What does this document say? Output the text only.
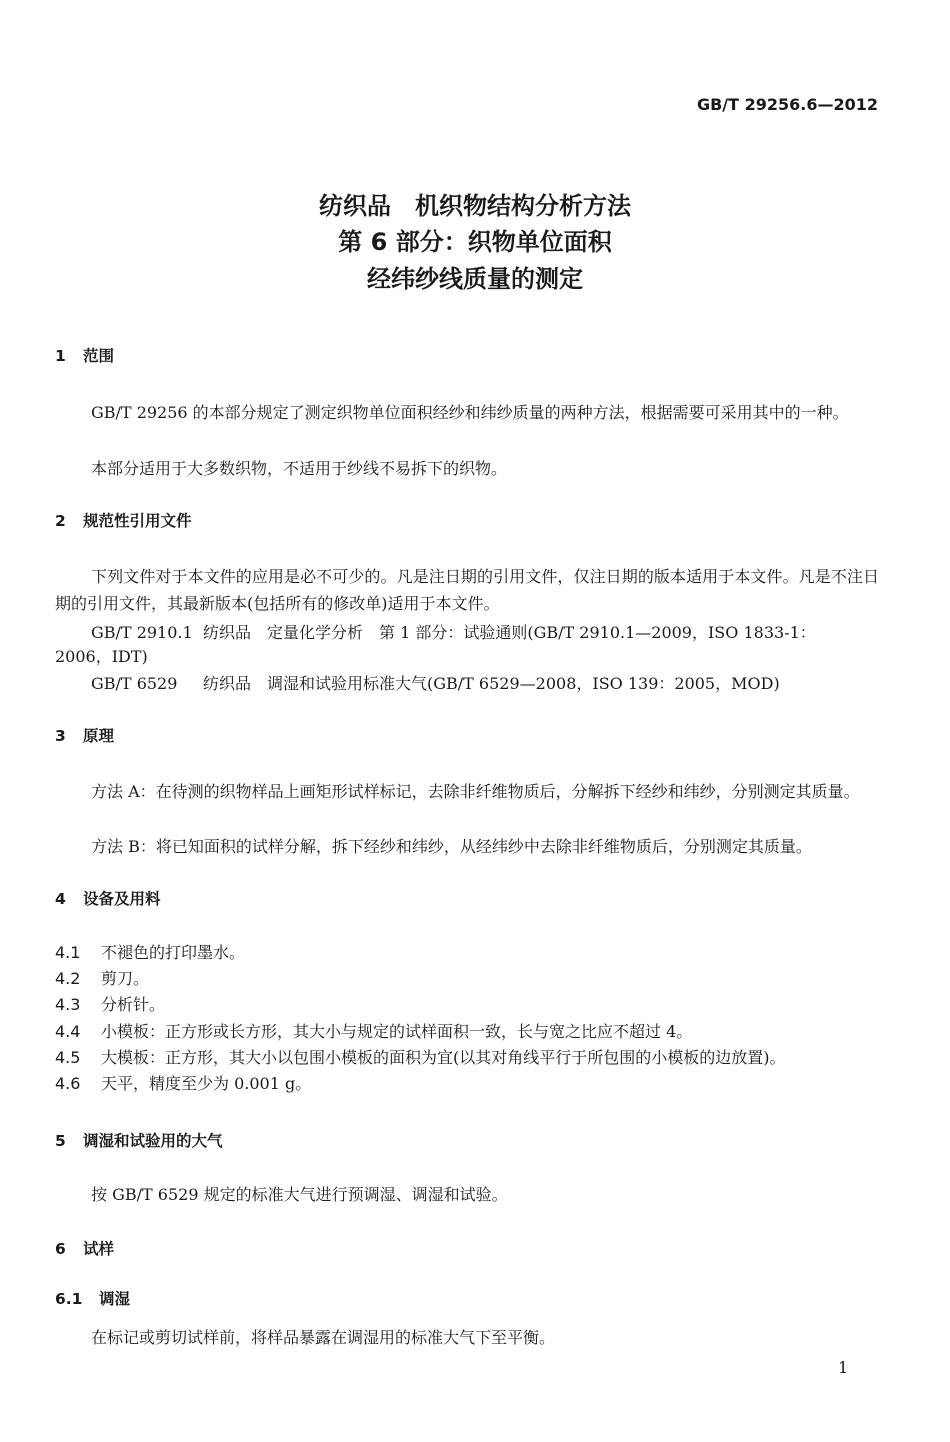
GB/T 29256.6—2012
纺织品　机织物结构分析方法
第 6 部分：织物单位面积
经纬纱线质量的测定
1 范围
GB/T 29256 的本部分规定了测定织物单位面积经纱和纬纱质量的两种方法，根据需要可采用其中的一种。
本部分适用于大多数织物，不适用于纱线不易拆下的织物。
2 规范性引用文件
下列文件对于本文件的应用是必不可少的。凡是注日期的引用文件，仅注日期的版本适用于本文件。凡是不注日期的引用文件，其最新版本(包括所有的修改单)适用于本文件。
GB/T 2910.1 纺织品　定量化学分析　第 1 部分：试验通则(GB/T 2910.1—2009，ISO 1833-1：
2006，IDT)
GB/T 6529 纺织品　调湿和试验用标准大气(GB/T 6529—2008，ISO 139：2005，MOD)
3 原理
方法 A：在待测的织物样品上画矩形试样标记，去除非纤维物质后，分解拆下经纱和纬纱，分别测定其质量。
方法 B：将已知面积的试样分解，拆下经纱和纬纱，从经纬纱中去除非纤维物质后，分别测定其质量。
4 设备及用料
4.1 不褪色的打印墨水。
4.2 剪刀。
4.3 分析针。
4.4 小模板：正方形或长方形，其大小与规定的试样面积一致，长与宽之比应不超过 4。
4.5 大模板：正方形，其大小以包围小模板的面积为宜(以其对角线平行于所包围的小模板的边放置)。
4.6 天平，精度至少为 0.001 g。
5 调湿和试验用的大气
按 GB/T 6529 规定的标准大气进行预调湿、调湿和试验。
6 试样
6.1 调湿
在标记或剪切试样前，将样品暴露在调湿用的标准大气下至平衡。
1
